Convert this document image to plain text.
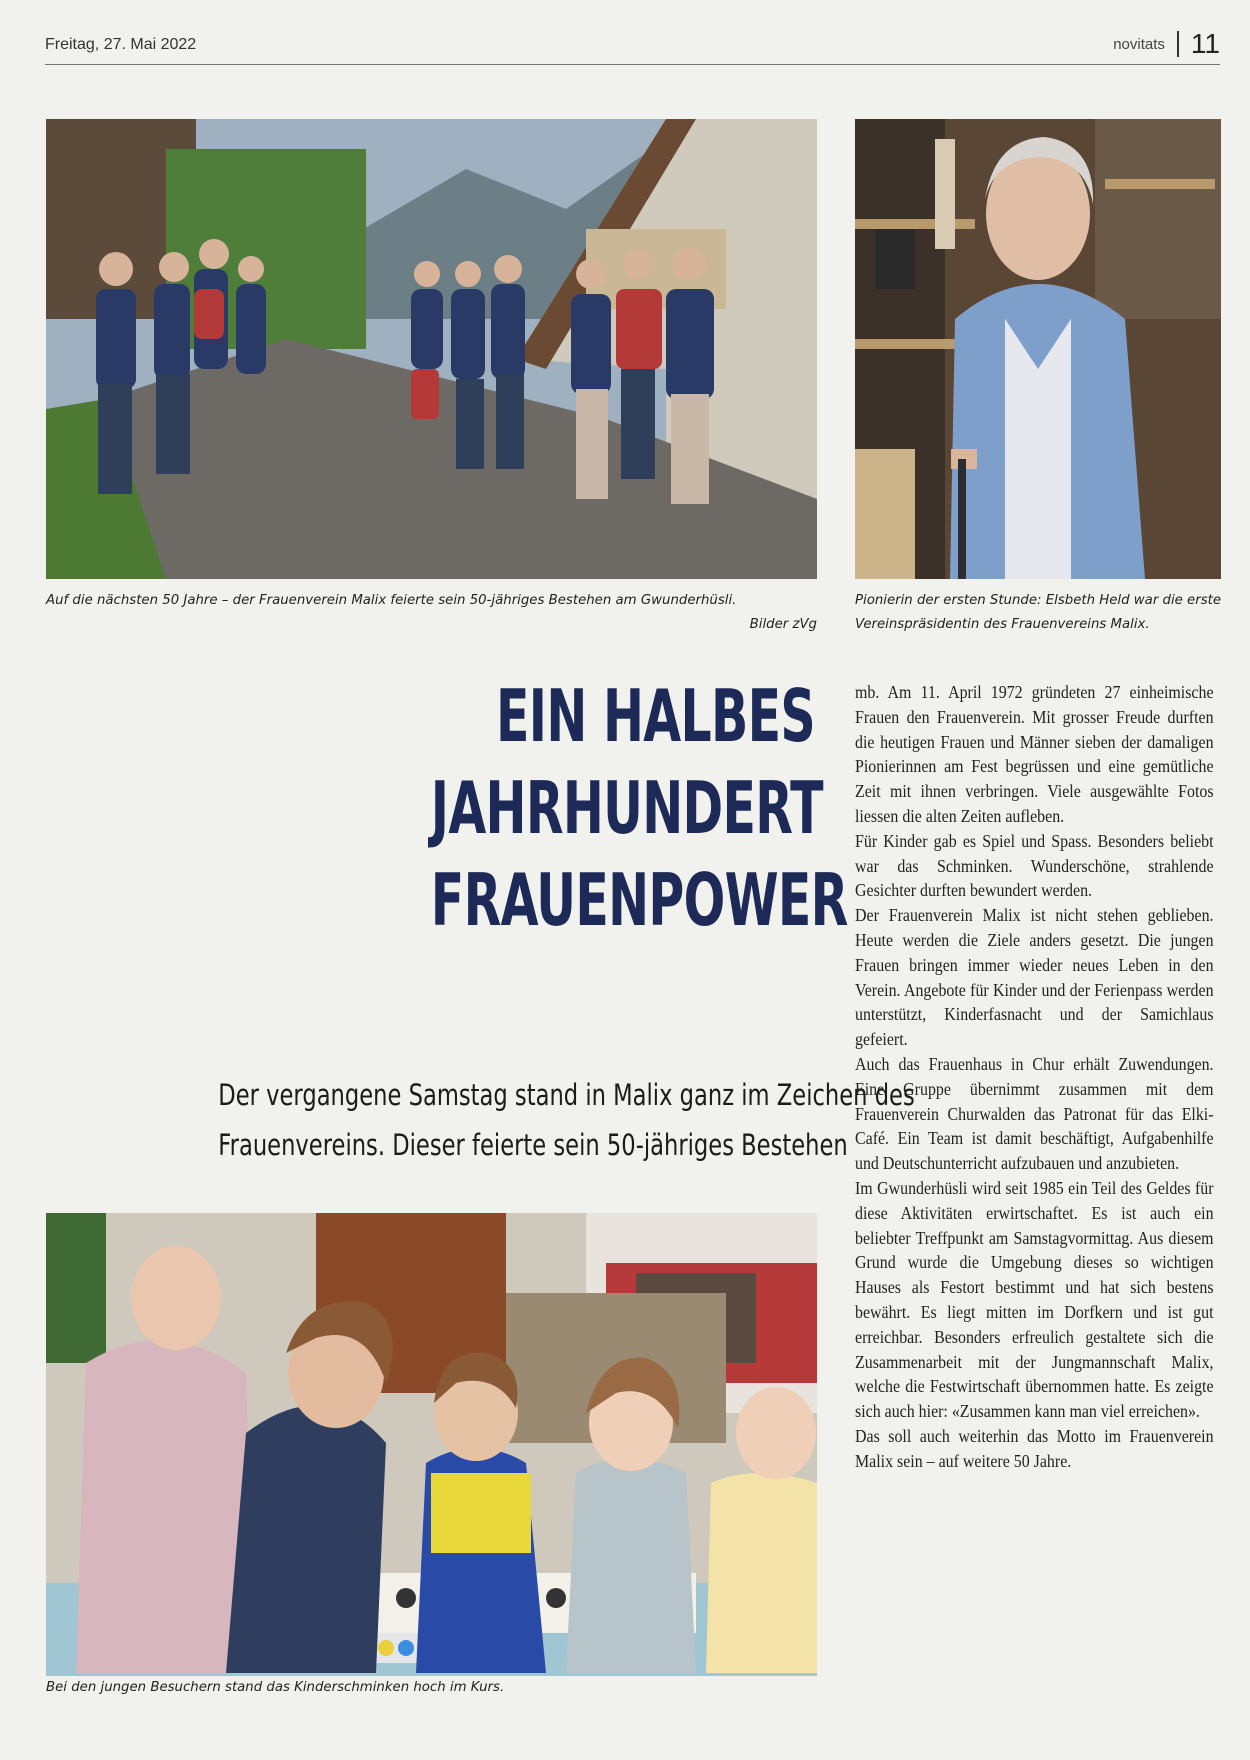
Freitag, 27. Mai 2022	novitats 11
Auf die nächsten 50 Jahre – der Frauenverein Malix feierte sein 50-jähriges Bestehen am Gwunderhüsli.
Bilder zVg
Pionierin der ersten Stunde: Elsbeth Held war die erste Vereinspräsidentin des Frauenvereins Malix.
EIN HALBES
JAHRHUNDERT
FRAUENPOWER
Der vergangene Samstag stand in Malix ganz im Zeichen des
Frauenvereins. Dieser feierte sein 50-jähriges Bestehen
Bei den jungen Besuchern stand das Kinderschminken hoch im Kurs.

mb. Am 11. April 1972 gründeten 27 einheimische Frauen den Frauenverein. Mit grosser Freude durften die heutigen Frauen und Männer sieben der damaligen Pionierinnen am Fest begrüssen und eine gemütliche Zeit mit ihnen verbringen. Viele ausgewählte Fotos liessen die alten Zeiten aufleben.

Für Kinder gab es Spiel und Spass. Besonders beliebt war das Schminken. Wunderschöne, strahlende Gesichter durften bewundert werden.

Der Frauenverein Malix ist nicht stehen geblieben. Heute werden die Ziele anders gesetzt. Die jungen Frauen bringen immer wieder neues Leben in den Verein. Angebote für Kinder und der Ferienpass werden unterstützt, Kinderfasnacht und der Samichlaus gefeiert.

Auch das Frauenhaus in Chur erhält Zuwendungen. Eine Gruppe übernimmt zusammen mit dem Frauenverein Churwalden das Patronat für das Elki-Café. Ein Team ist damit beschäftigt, Aufgabenhilfe und Deutschunterricht aufzubauen und anzubieten.

Im Gwunderhüsli wird seit 1985 ein Teil des Geldes für diese Aktivitäten erwirtschaftet. Es ist auch ein beliebter Treffpunkt am Samstagvormittag. Aus diesem Grund wurde die Umgebung dieses so wichtigen Hauses als Festort bestimmt und hat sich bestens bewährt. Es liegt mitten im Dorfkern und ist gut erreichbar. Besonders erfreulich gestaltete sich die Zusammenarbeit mit der Jungmannschaft Malix, welche die Festwirtschaft übernommen hatte. Es zeigte sich auch hier: «Zusammen kann man viel erreichen».

Das soll auch weiterhin das Motto im Frauenverein Malix sein – auf weitere 50 Jahre.
